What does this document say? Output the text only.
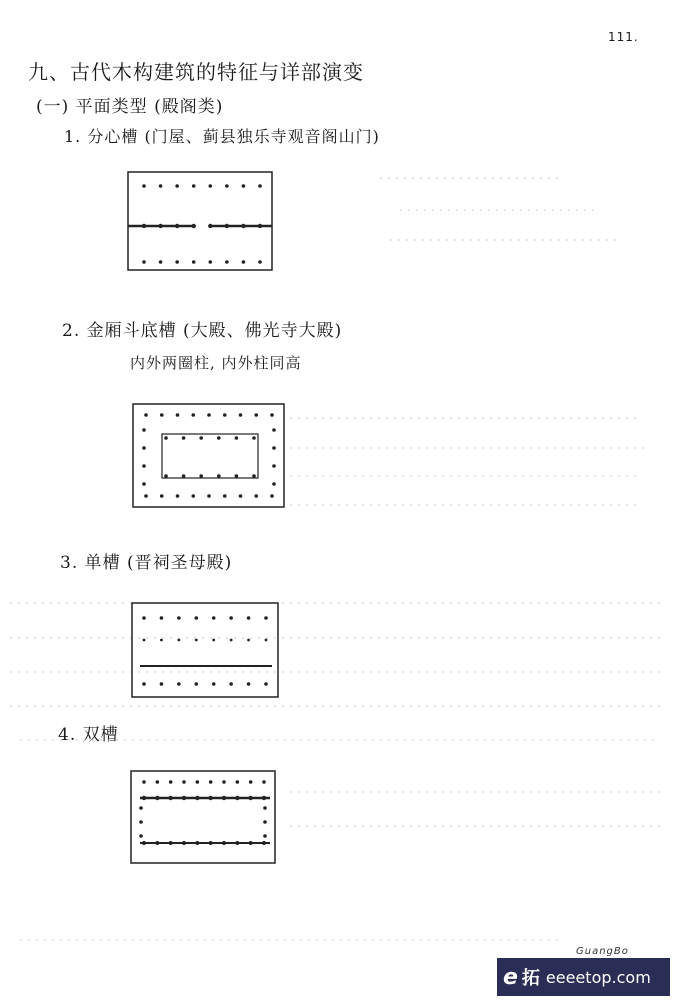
111.
九、古代木构建筑的特征与详部演变
(一) 平面类型 (殿阁类)
1. 分心槽 (门屋、蓟县独乐寺观音阁山门)
2. 金厢斗底槽 (大殿、佛光寺大殿)
内外两圈柱, 内外柱同高
3. 单槽 (晋祠圣母殿)
4. 双槽
GuangBo
e 拓 eeeetop.com
